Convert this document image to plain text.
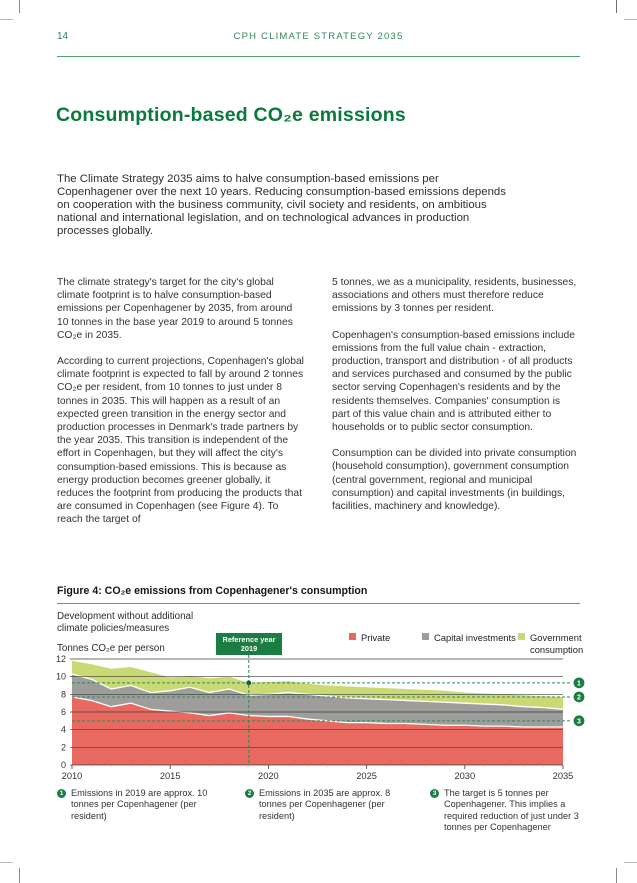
14	CPH CLIMATE STRATEGY 2035
Consumption-based CO₂e emissions
The Climate Strategy 2035 aims to halve consumption-based emissions per Copenhagener over the next 10 years. Reducing consumption-based emissions depends on cooperation with the business community, civil society and residents, on ambitious national and international legislation, and on technological advances in production processes globally.

The climate strategy's target for the city's global climate footprint is to halve consumption-based emissions per Copenhagener by 2035, from around 10 tonnes in the base year 2019 to around 5 tonnes CO₂e in 2035.

According to current projections, Copenhagen's global climate footprint is expected to fall by around 2 tonnes CO₂e per resident, from 10 tonnes to just under 8 tonnes in 2035. This will happen as a result of an expected green transition in the energy sector and production processes in Denmark's trade partners by the year 2035. This transition is independent of the effort in Copenhagen, but they will affect the city's consumption-based emissions. This is because as energy production becomes greener globally, it reduces the footprint from producing the products that are consumed in Copenhagen (see Figure 4). To reach the target of

5 tonnes, we as a municipality, residents, businesses, associations and others must therefore reduce emissions by 3 tonnes per resident.

Copenhagen's consumption-based emissions include emissions from the full value chain - extraction, production, transport and distribution - of all products and services purchased and consumed by the public sector serving Copenhagen's residents and by the residents themselves. Companies' consumption is part of this value chain and is attributed either to households or to public sector consumption.

Consumption can be divided into private consumption (household consumption), government consumption (central government, regional and municipal consumption) and capital investments (in buildings, facilities, machinery and knowledge).

Figure 4: CO₂e emissions from Copenhagener's consumption
Development without additional
climate policies/measures
Tonnes CO₂e per person
Reference year
2019
Private	Capital investments Government consumption
0
2
4
6
8
10
12
2010	2015	2020	2025	2030	2035
1
2
3
1 Emissions in 2019 are approx. 10 tonnes per Copenhagener (per resident)
2 Emissions in 2035 are approx. 8 tonnes per Copenhagener (per resident)
3 The target is 5 tonnes per Copenhagener. This implies a required reduction of just under 3 tonnes per Copenhagener
